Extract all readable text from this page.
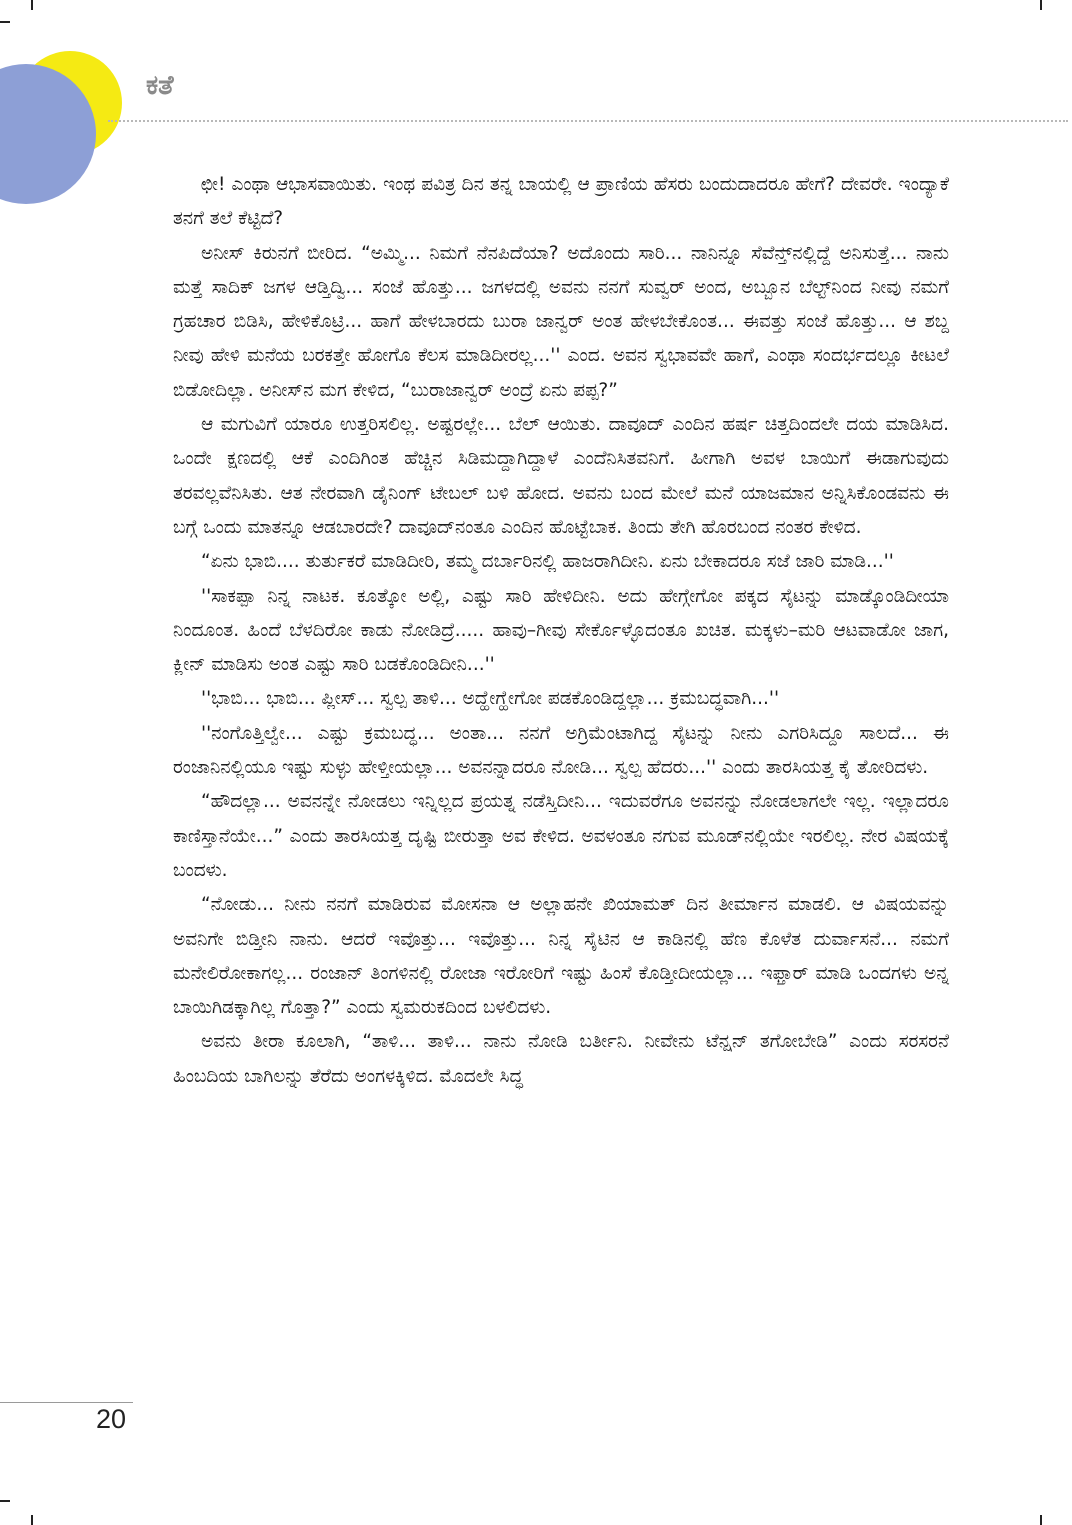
ಕತೆ

ಛೀ! ಎಂಥಾ ಆಭಾಸವಾಯಿತು. ಇಂಥ ಪವಿತ್ರ ದಿನ ತನ್ನ ಬಾಯಲ್ಲಿ ಆ ಪ್ರಾಣಿಯ ಹೆಸರು ಬಂದುದಾದರೂ ಹೇಗೆ? ದೇವರೇ. ಇಂದ್ಯಾಕೆ ತನಗೆ ತಲೆ ಕೆಟ್ಟಿದೆ?

ಅನೀಸ್ ಕಿರುನಗೆ ಬೀರಿದ. “ಅಮ್ಮಿ... ನಿಮಗೆ ನೆನಪಿದೆಯಾ? ಅದೊಂದು ಸಾರಿ... ನಾನಿನ್ನೂ ಸೆವೆನ್ತ್‌ನಲ್ಲಿದ್ದೆ ಅನಿಸುತ್ತೆ... ನಾನು ಮತ್ತೆ ಸಾದಿಕ್ ಜಗಳ ಆಡ್ತಿದ್ವಿ... ಸಂಜೆ ಹೊತ್ತು... ಜಗಳದಲ್ಲಿ ಅವನು ನನಗೆ ಸುವ್ವರ್ ಅಂದ, ಅಬ್ಬೂನ ಬೆಲ್ಟ್‌ನಿಂದ ನೀವು ನಮಗೆ ಗ್ರಹಚಾರ ಬಿಡಿಸಿ, ಹೇಳಿಕೊಟ್ರಿ... ಹಾಗೆ ಹೇಳಬಾರದು ಬುರಾ ಜಾನ್ವರ್ ಅಂತ ಹೇಳಬೇಕೊಂತ... ಈವತ್ತು ಸಂಜೆ ಹೊತ್ತು... ಆ ಶಬ್ದ ನೀವು ಹೇಳಿ ಮನೆಯ ಬರಕತ್ತೇ ಹೋಗೊ ಕೆಲಸ ಮಾಡಿದೀರಲ್ಲ...'' ಎಂದ. ಅವನ ಸ್ವಭಾವವೇ ಹಾಗೆ, ಎಂಥಾ ಸಂದರ್ಭದಲ್ಲೂ ಕೀಟಲೆ ಬಿಡೋದಿಲ್ಲಾ. ಅನೀಸ್‌ನ ಮಗ ಕೇಳಿದ, “ಬುರಾಜಾನ್ವರ್ ಅಂದ್ರೆ ಏನು ಪಪ್ಪ?”

ಆ ಮಗುವಿಗೆ ಯಾರೂ ಉತ್ತರಿಸಲಿಲ್ಲ. ಅಷ್ಟರಲ್ಲೇ... ಬೆಲ್ ಆಯಿತು. ದಾವೂದ್ ಎಂದಿನ ಹರ್ಷ ಚಿತ್ತದಿಂದಲೇ ದಯ ಮಾಡಿಸಿದ. ಒಂದೇ ಕ್ಷಣದಲ್ಲಿ ಆಕೆ ಎಂದಿಗಿಂತ ಹೆಚ್ಚಿನ ಸಿಡಿಮದ್ದಾಗಿದ್ದಾಳೆ ಎಂದೆನಿಸಿತವನಿಗೆ. ಹೀಗಾಗಿ ಅವಳ ಬಾಯಿಗೆ ಈಡಾಗುವುದು ತರವಲ್ಲವೆನಿಸಿತು. ಆತ ನೇರವಾಗಿ ಡೈನಿಂಗ್ ಟೇಬಲ್ ಬಳಿ ಹೋದ. ಅವನು ಬಂದ ಮೇಲೆ ಮನೆ ಯಾಜಮಾನ ಅನ್ನಿಸಿಕೊಂಡವನು ಈ ಬಗ್ಗೆ ಒಂದು ಮಾತನ್ನೂ ಆಡಬಾರದೇ? ದಾವೂದ್‌ನಂತೂ ಎಂದಿನ ಹೊಟ್ಟೆಬಾಕ. ತಿಂದು ತೇಗಿ ಹೊರಬಂದ ನಂತರ ಕೇಳಿದ.

“ಏನು ಭಾಬಿ.... ತುರ್ತುಕರೆ ಮಾಡಿದೀರಿ, ತಮ್ಮ ದರ್ಬಾರಿನಲ್ಲಿ ಹಾಜರಾಗಿದೀನಿ. ಏನು ಬೇಕಾದರೂ ಸಜೆ ಜಾರಿ ಮಾಡಿ...''

''ಸಾಕಪ್ಪಾ ನಿನ್ನ ನಾಟಕ. ಕೂತ್ಕೋ ಅಲ್ಲಿ, ಎಷ್ಟು ಸಾರಿ ಹೇಳಿದೀನಿ. ಅದು ಹೇಗ್ಗೇಗೋ ಪಕ್ಕದ ಸೈಟನ್ನು ಮಾಡ್ಕೊಂಡಿದೀಯಾ ನಿಂದೂಂತ. ಹಿಂದೆ ಬೆಳದಿರೋ ಕಾಡು ನೋಡಿದ್ರೆ..... ಹಾವು–ಗೀವು ಸೇರ್ಕೊಳ್ಳೊದಂತೂ ಖಚಿತ. ಮಕ್ಕಳು–ಮರಿ ಆಟವಾಡೋ ಜಾಗ, ಕ್ಲೀನ್ ಮಾಡಿಸು ಅಂತ ಎಷ್ಟು ಸಾರಿ ಬಡಕೊಂಡಿದೀನಿ...''

''ಭಾಬಿ... ಭಾಬಿ... ಪ್ಲೀಸ್... ಸ್ವಲ್ಪ ತಾಳಿ... ಅದ್ಹೇಗ್ಹೇಗೋ ಪಡಕೊಂಡಿದ್ದಲ್ಲಾ... ಕ್ರಮಬದ್ಧವಾಗಿ...''

''ನಂಗೊತ್ತಿಲ್ವೇ... ಎಷ್ಟು ಕ್ರಮಬದ್ಧ... ಅಂತಾ... ನನಗೆ ಅಗ್ರಿಮೆಂಟಾಗಿದ್ದ ಸೈಟನ್ನು ನೀನು ಎಗರಿಸಿದ್ದೂ ಸಾಲದೆ... ಈ ರಂಜಾನಿನಲ್ಲಿಯೂ ಇಷ್ಟು ಸುಳ್ಳು ಹೇಳ್ತೀಯಲ್ಲಾ... ಅವನನ್ನಾದರೂ ನೋಡಿ... ಸ್ವಲ್ಪ ಹೆದರು...'' ಎಂದು ತಾರಸಿಯತ್ತ ಕೈ ತೋರಿದಳು.

“ಹೌದಲ್ಲಾ... ಅವನನ್ನೇ ನೋಡಲು ಇನ್ನಿಲ್ಲದ ಪ್ರಯತ್ನ ನಡೆಸ್ತಿದೀನಿ... ಇದುವರೆಗೂ ಅವನನ್ನು ನೋಡಲಾಗಲೇ ಇಲ್ಲ. ಇಲ್ಲಾದರೂ ಕಾಣಿಸ್ತಾನೆಯೇ...” ಎಂದು ತಾರಸಿಯತ್ತ ದೃಷ್ಟಿ ಬೀರುತ್ತಾ ಅವ ಕೇಳಿದ. ಅವಳಂತೂ ನಗುವ ಮೂಡ್‌ನಲ್ಲಿಯೇ ಇರಲಿಲ್ಲ. ನೇರ ವಿಷಯಕ್ಕೆ ಬಂದಳು.

“ನೋಡು... ನೀನು ನನಗೆ ಮಾಡಿರುವ ಮೋಸನಾ ಆ ಅಲ್ಲಾಹನೇ ಖಿಯಾಮತ್ ದಿನ ತೀರ್ಮಾನ ಮಾಡಲಿ. ಆ ವಿಷಯವನ್ನು ಅವನಿಗೇ ಬಿಡ್ತೀನಿ ನಾನು. ಆದರೆ ಇವೊತ್ತು... ಇವೊತ್ತು... ನಿನ್ನ ಸೈಟಿನ ಆ ಕಾಡಿನಲ್ಲಿ ಹೆಣ ಕೊಳೆತ ದುರ್ವಾಸನೆ... ನಮಗೆ ಮನೇಲಿರೋಕಾಗಲ್ಲ... ರಂಜಾನ್ ತಿಂಗಳಿನಲ್ಲಿ ರೋಜಾ ಇರೋರಿಗೆ ಇಷ್ಟು ಹಿಂಸೆ ಕೊಡ್ತೀದೀಯಲ್ಲಾ... ಇಫ್ತಾರ್ ಮಾಡಿ ಒಂದಗಳು ಅನ್ನ ಬಾಯಿಗಿಡಕ್ಕಾಗಿಲ್ಲ ಗೊತ್ತಾ?” ಎಂದು ಸ್ವಮರುಕದಿಂದ ಬಳಲಿದಳು.

ಅವನು ತೀರಾ ಕೂಲಾಗಿ, “ತಾಳಿ... ತಾಳಿ... ನಾನು ನೋಡಿ ಬರ್ತೀನಿ. ನೀವೇನು ಟೆನ್ಷನ್ ತಗೋಬೇಡಿ” ಎಂದು ಸರಸರನೆ ಹಿಂಬದಿಯ ಬಾಗಿಲನ್ನು ತೆರೆದು ಅಂಗಳಕ್ಕಿಳಿದ. ಮೊದಲೇ ಸಿದ್ಧ

20
